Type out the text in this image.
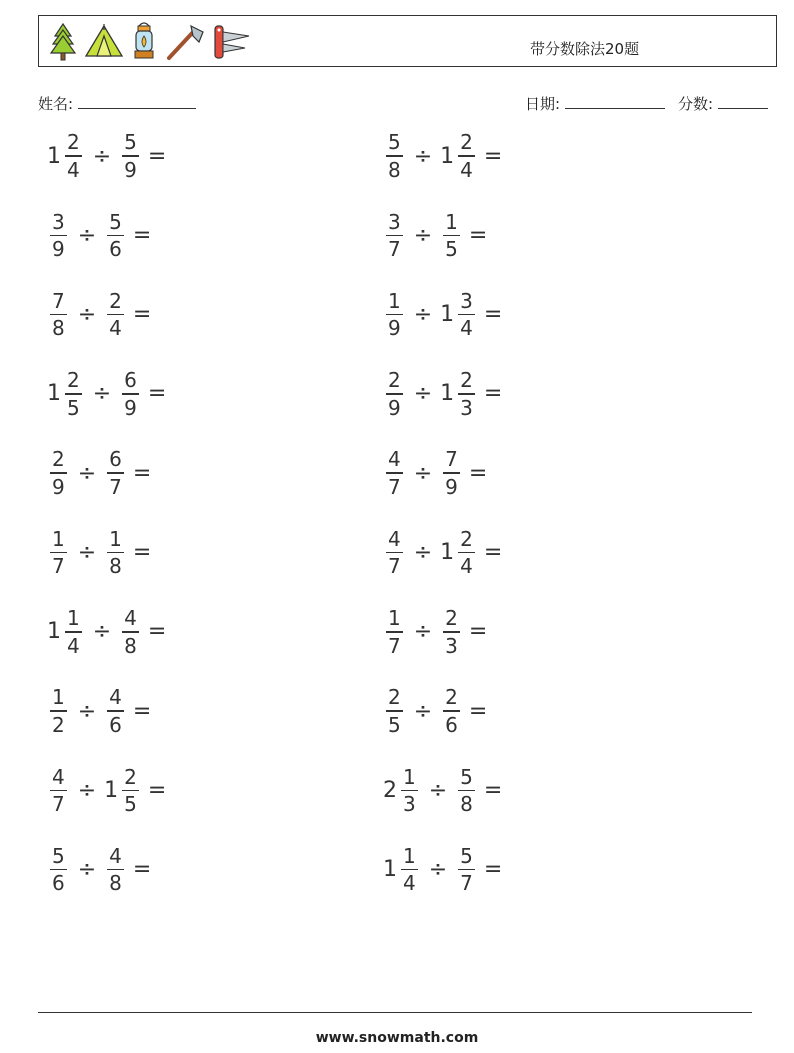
带分数除法20题
姓名:	日期:	分数:
$1 \frac{2}{4} \div \frac{5}{9}$ =	$\frac{5}{8} \div 1 \frac{2}{4}$ =
$\frac{3}{9} \div \frac{5}{6}$ =	$\frac{3}{7} \div \frac{1}{5}$ =
$\frac{7}{8} \div \frac{2}{4}$ =	$\frac{1}{9} \div 1 \frac{3}{4}$ =
$1 \frac{2}{5} \div \frac{6}{9}$ =	$\frac{2}{9} \div 1 \frac{2}{3}$ =
$\frac{2}{9} \div \frac{6}{7}$ =	$\frac{4}{7} \div \frac{7}{9}$ =
$\frac{1}{7} \div \frac{1}{8}$ =	$\frac{4}{7} \div 1 \frac{2}{4}$ =
$1 \frac{1}{4} \div \frac{4}{8}$ =	$\frac{1}{7} \div \frac{2}{3}$ =
$\frac{1}{2} \div \frac{4}{6}$ =	$\frac{2}{5} \div \frac{2}{6}$ =
$\frac{4}{7} \div 1 \frac{2}{5}$ =	$2 \frac{1}{3} \div \frac{5}{8}$ =
$\frac{5}{6} \div \frac{4}{8}$ =	$1 \frac{1}{4} \div \frac{5}{7}$ =
www.snowmath.com
